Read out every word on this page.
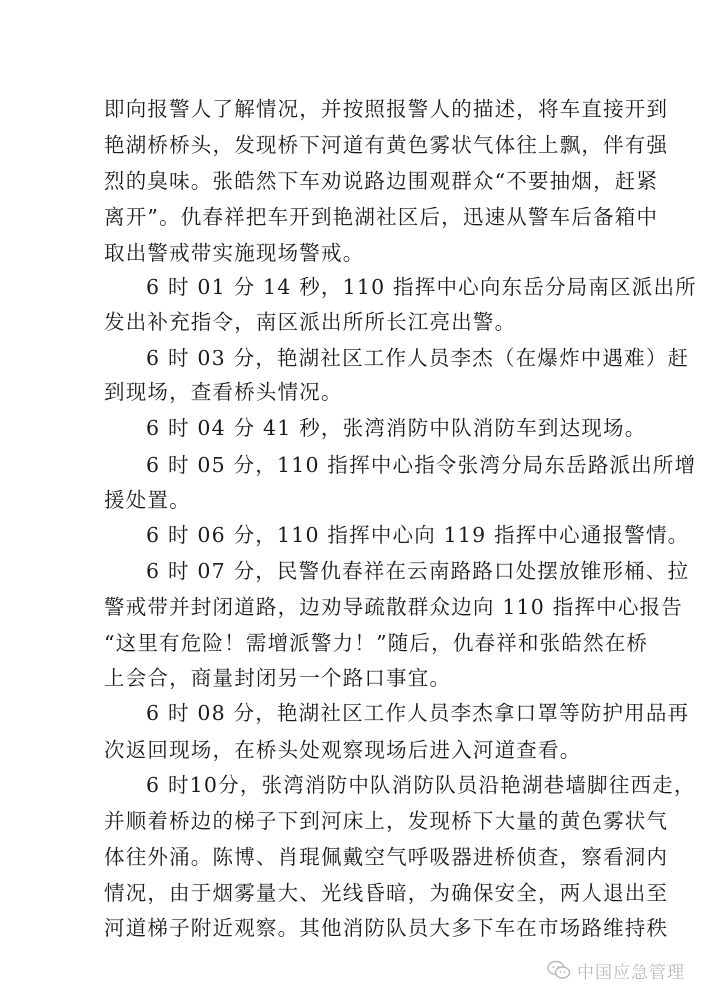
即向报警人了解情况，并按照报警人的描述，将车直接开到
艳湖桥桥头，发现桥下河道有黄色雾状气体往上飘，伴有强
烈的臭味。张皓然下车劝说路边围观群众“不要抽烟，赶紧
离开”。仇春祥把车开到艳湖社区后，迅速从警车后备箱中
取出警戒带实施现场警戒。
6 时 01 分 14 秒，110 指挥中心向东岳分局南区派出所
发出补充指令，南区派出所所长江亮出警。
6 时 03 分，艳湖社区工作人员李杰（在爆炸中遇难）赶
到现场，查看桥头情况。
6 时 04 分 41 秒，张湾消防中队消防车到达现场。
6 时 05 分，110 指挥中心指令张湾分局东岳路派出所增
援处置。
6 时 06 分，110 指挥中心向 119 指挥中心通报警情。
6 时 07 分，民警仇春祥在云南路路口处摆放锥形桶、拉
警戒带并封闭道路，边劝导疏散群众边向 110 指挥中心报告
“这里有危险！需增派警力！”随后，仇春祥和张皓然在桥
上会合，商量封闭另一个路口事宜。
6 时 08 分，艳湖社区工作人员李杰拿口罩等防护用品再
次返回现场，在桥头处观察现场后进入河道查看。
6 时10分，张湾消防中队消防队员沿艳湖巷墙脚往西走，
并顺着桥边的梯子下到河床上，发现桥下大量的黄色雾状气
体往外涌。陈博、肖琨佩戴空气呼吸器进桥侦查，察看洞内
情况，由于烟雾量大、光线昏暗，为确保安全，两人退出至
河道梯子附近观察。其他消防队员大多下车在市场路维持秩
中国应急管理
